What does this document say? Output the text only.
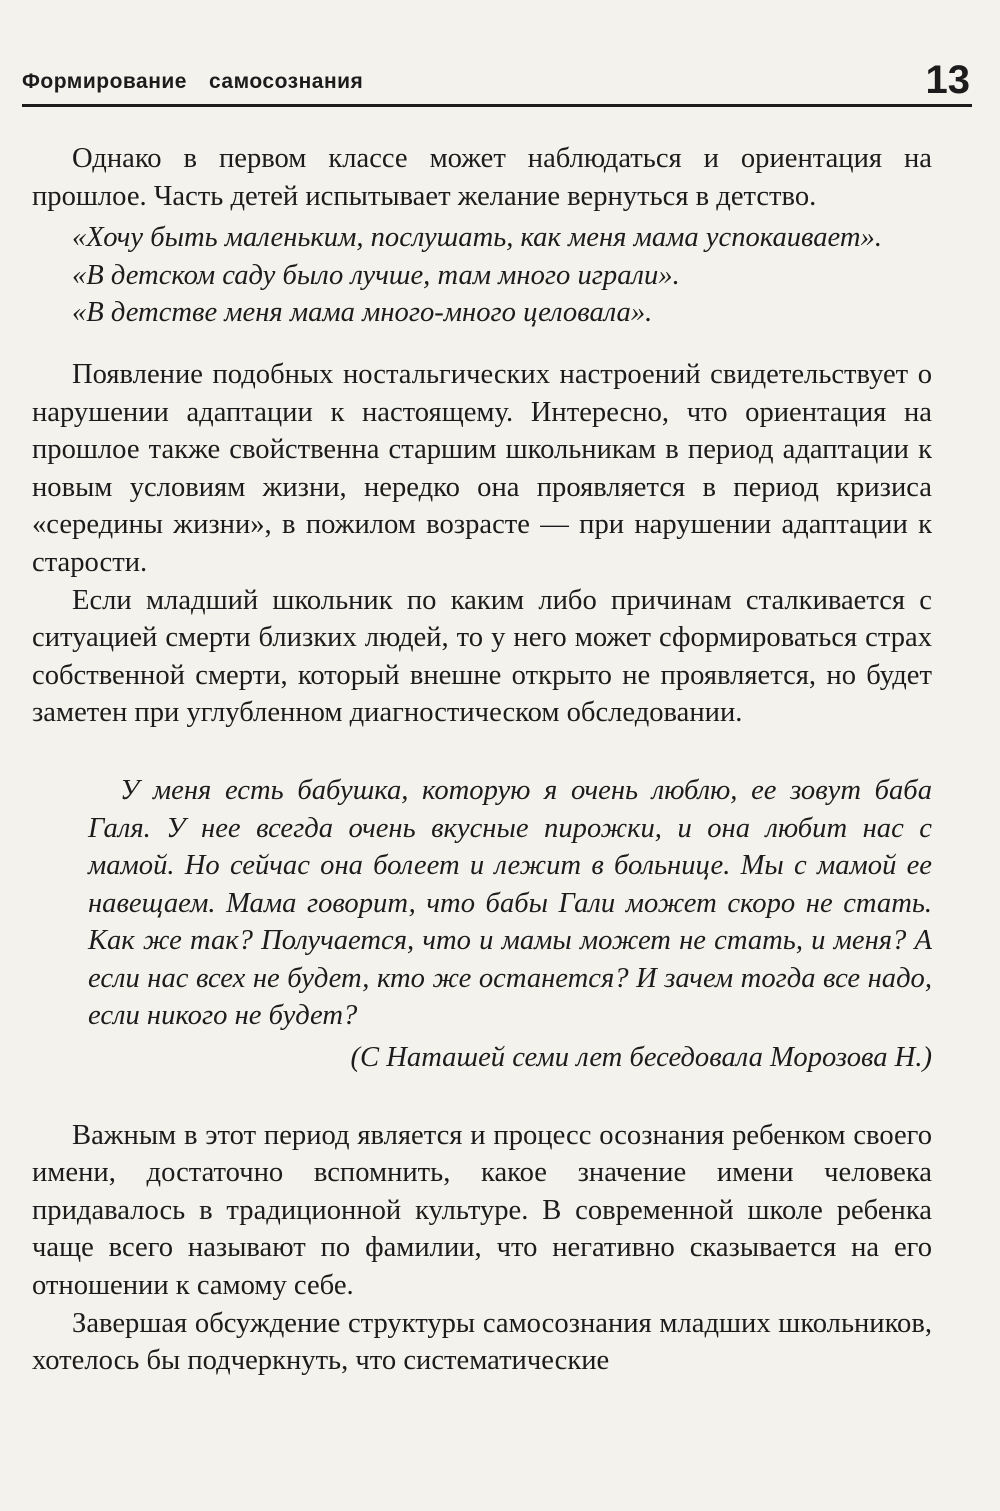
Формирование самосознания	13

Однако в первом классе может наблюдаться и ориентация на прошлое. Часть детей испытывает желание вернуться в детство.

«Хочу быть маленьким, послушать, как меня мама успокаивает».

«В детском саду было лучше, там много играли».

«В детстве меня мама много-много целовала».

Появление подобных ностальгических настроений свидетельствует о нарушении адаптации к настоящему. Интересно, что ориентация на прошлое также свойственна старшим школьникам в период адаптации к новым условиям жизни, нередко она проявляется в период кризиса «середины жизни», в пожилом возрасте — при нарушении адаптации к старости.

Если младший школьник по каким либо причинам сталкивается с ситуацией смерти близких людей, то у него может сформироваться страх собственной смерти, который внешне открыто не проявляется, но будет заметен при углубленном диагностическом обследовании.

У меня есть бабушка, которую я очень люблю, ее зовут баба Галя. У нее всегда очень вкусные пирожки, и она любит нас с мамой. Но сейчас она болеет и лежит в больнице. Мы с мамой ее навещаем. Мама говорит, что бабы Гали может скоро не стать. Как же так? Получается, что и мамы может не стать, и меня? А если нас всех не будет, кто же останется? И зачем тогда все надо, если никого не будет?

(С Наташей семи лет беседовала Морозова Н.)

Важным в этот период является и процесс осознания ребенком своего имени, достаточно вспомнить, какое значение имени человека придавалось в традиционной культуре. В современной школе ребенка чаще всего называют по фамилии, что негативно сказывается на его отношении к самому себе.

Завершая обсуждение структуры самосознания младших школьников, хотелось бы подчеркнуть, что систематические
